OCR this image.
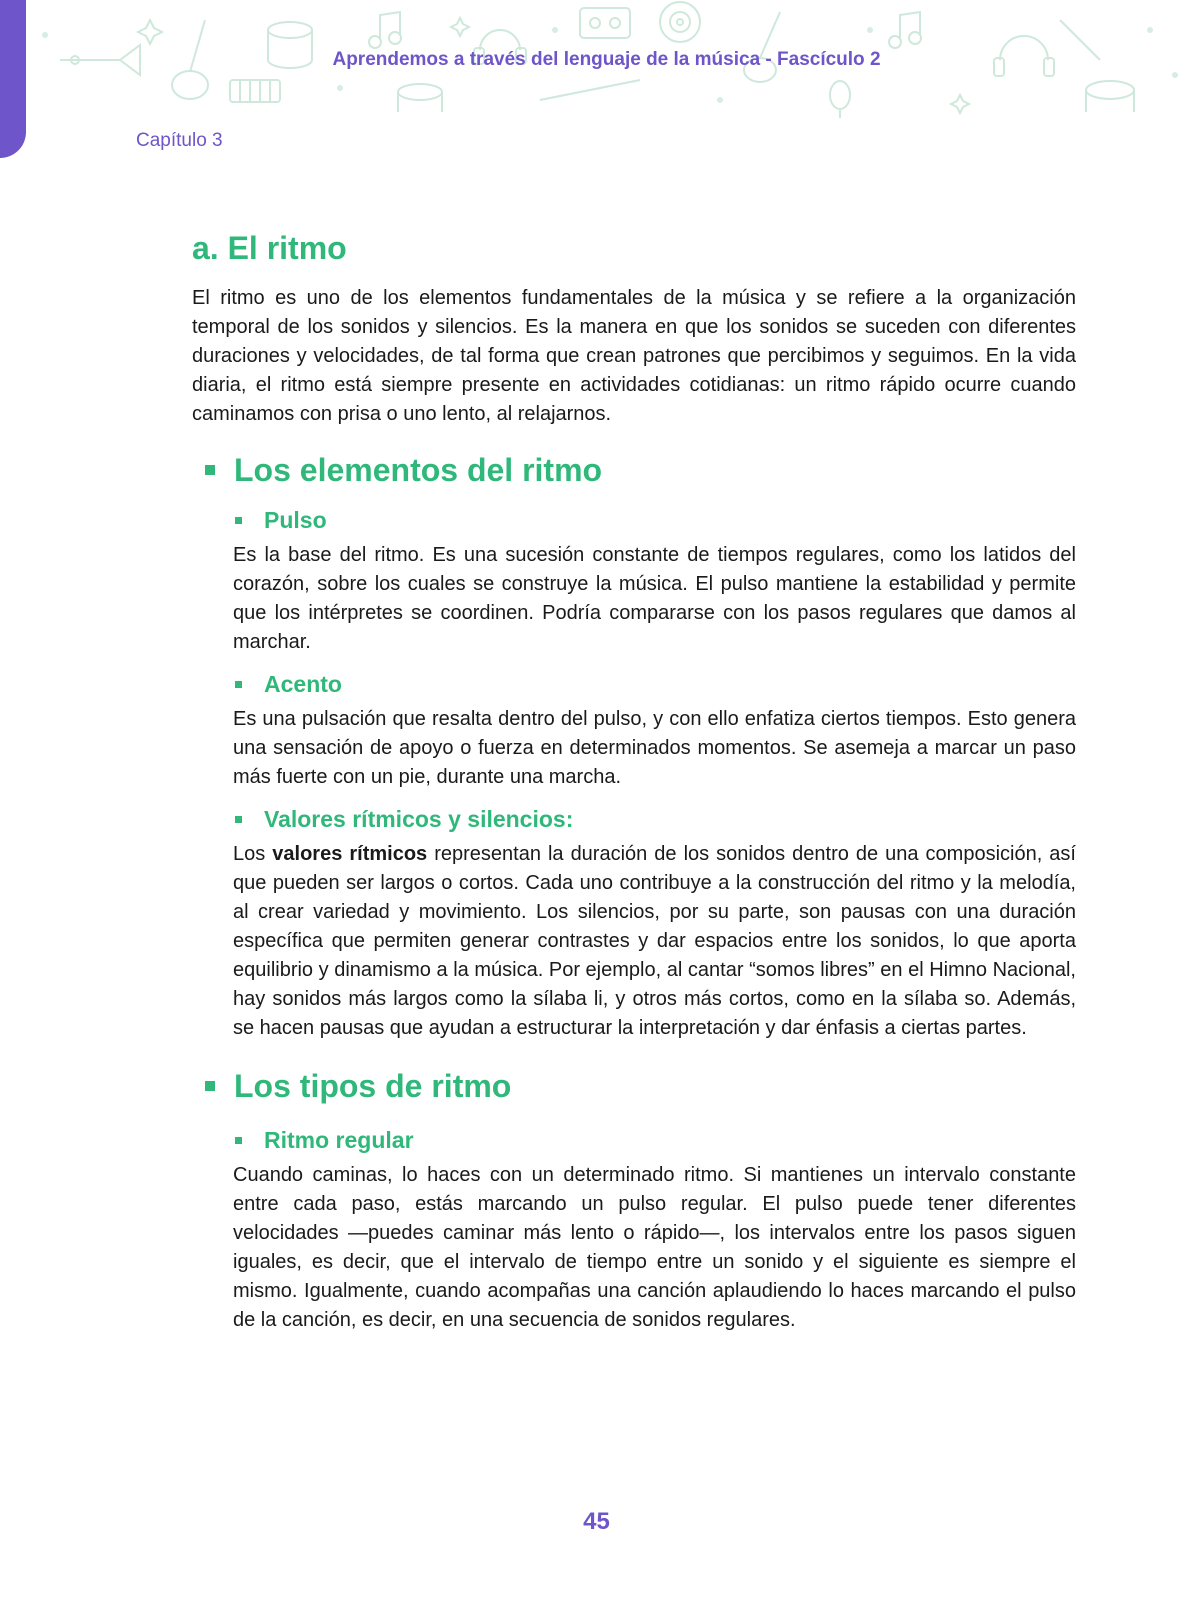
Aprendemos a través del lenguaje de la música - Fascículo 2
Capítulo 3
a. El ritmo

El ritmo es uno de los elementos fundamentales de la música y se refiere a la organización temporal de los sonidos y silencios. Es la manera en que los sonidos se suceden con diferentes duraciones y velocidades, de tal forma que crean patrones que percibimos y seguimos. En la vida diaria, el ritmo está siempre presente en actividades cotidianas: un ritmo rápido ocurre cuando caminamos con prisa o uno lento, al relajarnos.

Los elementos del ritmo
Pulso

Es la base del ritmo. Es una sucesión constante de tiempos regulares, como los latidos del corazón, sobre los cuales se construye la música. El pulso mantiene la estabilidad y permite que los intérpretes se coordinen. Podría compararse con los pasos regulares que damos al marchar.

Acento

Es una pulsación que resalta dentro del pulso, y con ello enfatiza ciertos tiempos. Esto genera una sensación de apoyo o fuerza en determinados momentos. Se asemeja a marcar un paso más fuerte con un pie, durante una marcha.

Valores rítmicos y silencios:

Los valores rítmicos representan la duración de los sonidos dentro de una composición, así que pueden ser largos o cortos. Cada uno contribuye a la construcción del ritmo y la melodía, al crear variedad y movimiento. Los silencios, por su parte, son pausas con una duración específica que permiten generar contrastes y dar espacios entre los sonidos, lo que aporta equilibrio y dinamismo a la música. Por ejemplo, al cantar “somos libres” en el Himno Nacional, hay sonidos más largos como la sílaba li, y otros más cortos, como en la sílaba so. Además, se hacen pausas que ayudan a estructurar la interpretación y dar énfasis a ciertas partes.

Los tipos de ritmo
Ritmo regular

Cuando caminas, lo haces con un determinado ritmo. Si mantienes un intervalo constante entre cada paso, estás marcando un pulso regular. El pulso puede tener diferentes velocidades —puedes caminar más lento o rápido—, los intervalos entre los pasos siguen iguales, es decir, que el intervalo de tiempo entre un sonido y el siguiente es siempre el mismo. Igualmente, cuando acompañas una canción aplaudiendo lo haces marcando el pulso de la canción, es decir, en una secuencia de sonidos regulares.

45
